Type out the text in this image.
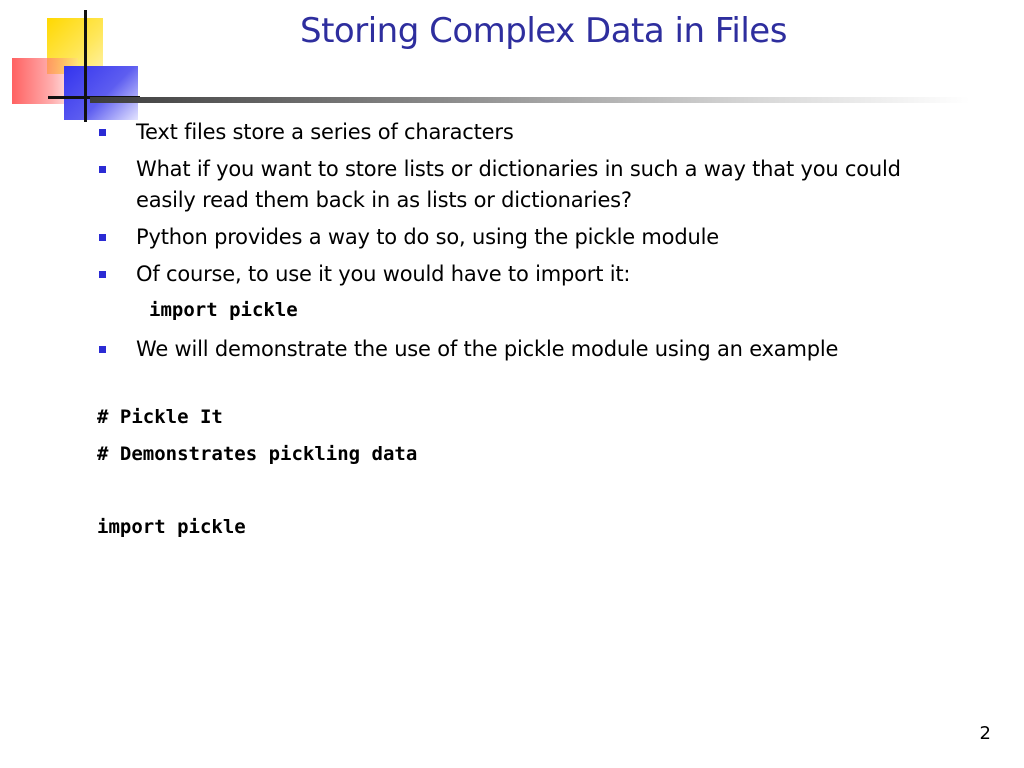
Storing Complex Data in Files
Text files store a series of characters
What if you want to store lists or dictionaries in such a way that you could easily read them back in as lists or dictionaries?
Python provides a way to do so, using the pickle module
Of course, to use it you would have to import it:
import pickle
We will demonstrate the use of the pickle module using an example
# Pickle It
# Demonstrates pickling data
import pickle
2
